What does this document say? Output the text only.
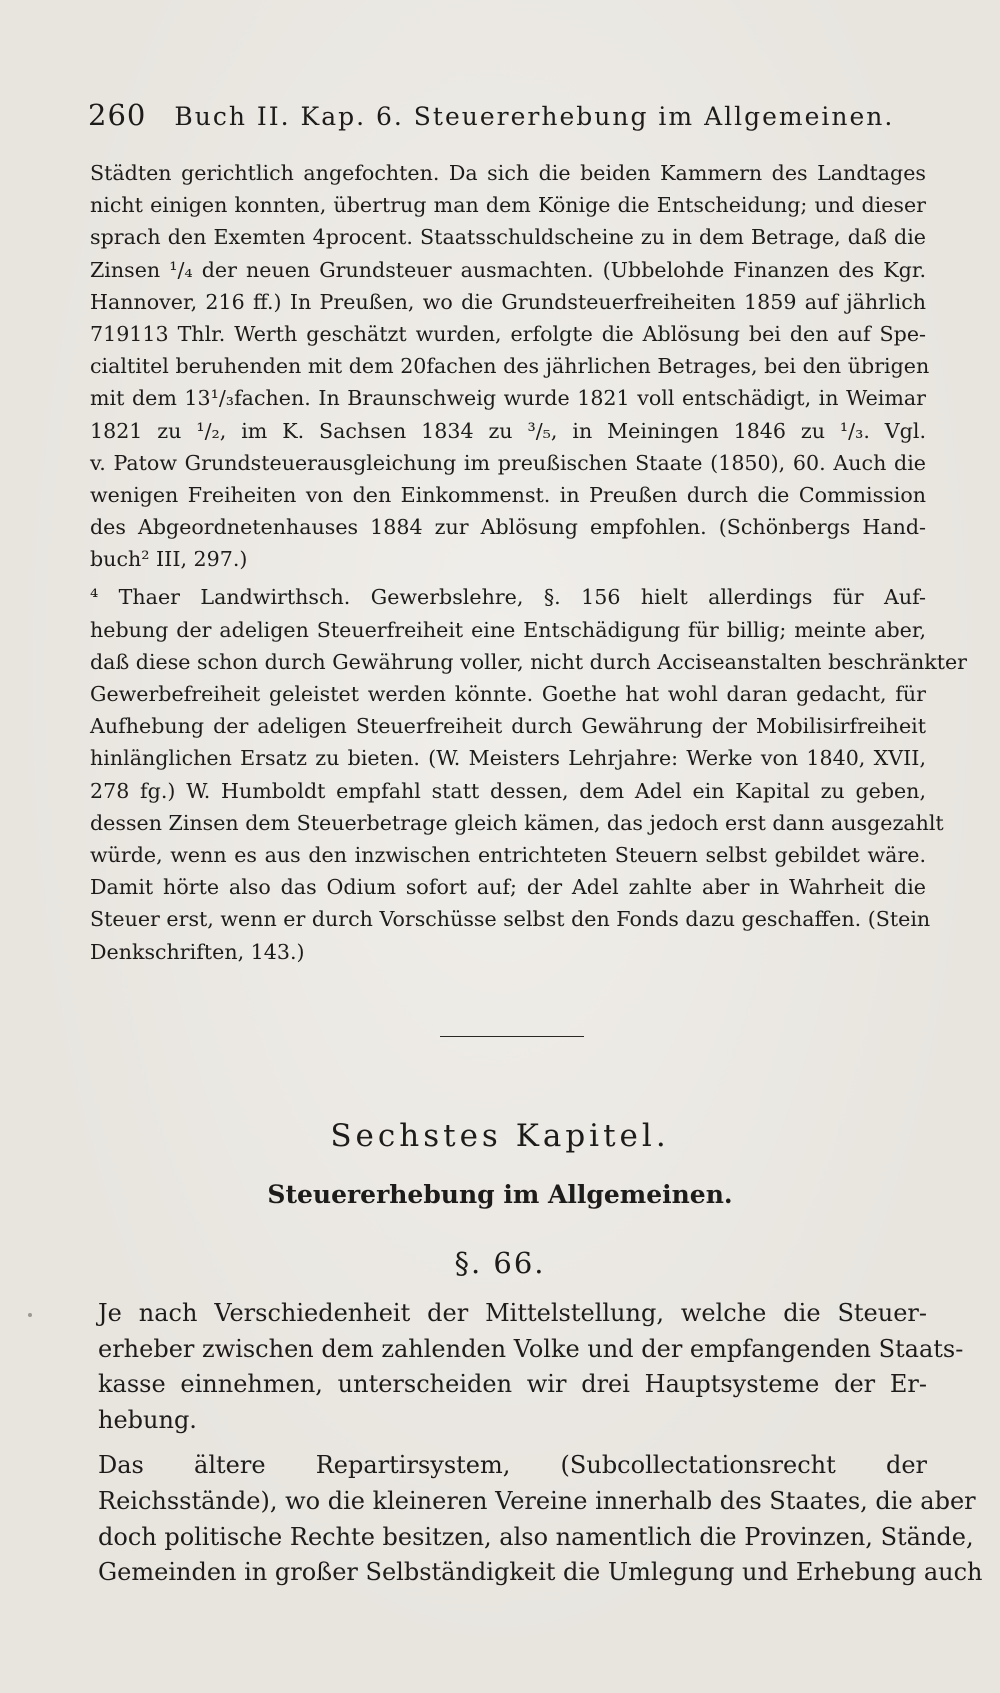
260 Buch II. Kap. 6. Steuererhebung im Allgemeinen.
Städten gerichtlich angefochten. Da sich die beiden Kammern des Landtages
nicht einigen konnten, übertrug man dem Könige die Entscheidung; und dieser
sprach den Exemten 4procent. Staatsschuldscheine zu in dem Betrage, daß die
Zinsen ¹/₄ der neuen Grundsteuer ausmachten. (Ubbelohde Finanzen des Kgr.
Hannover, 216 ff.) In Preußen, wo die Grundsteuerfreiheiten 1859 auf jährlich
719113 Thlr. Werth geschätzt wurden, erfolgte die Ablösung bei den auf Spe-
cialtitel beruhenden mit dem 20fachen des jährlichen Betrages, bei den übrigen
mit dem 13¹/₃fachen. In Braunschweig wurde 1821 voll entschädigt, in Weimar
1821 zu ¹/₂, im K. Sachsen 1834 zu ³/₅, in Meiningen 1846 zu ¹/₃. Vgl.
v. Patow Grundsteuerausgleichung im preußischen Staate (1850), 60. Auch die
wenigen Freiheiten von den Einkommenst. in Preußen durch die Commission
des Abgeordnetenhauses 1884 zur Ablösung empfohlen. (Schönbergs Hand-
buch² III, 297.)
⁴ Thaer Landwirthsch. Gewerbslehre, §. 156 hielt allerdings für Auf-
hebung der adeligen Steuerfreiheit eine Entschädigung für billig; meinte aber,
daß diese schon durch Gewährung voller, nicht durch Acciseanstalten beschränkter
Gewerbefreiheit geleistet werden könnte. Goethe hat wohl daran gedacht, für
Aufhebung der adeligen Steuerfreiheit durch Gewährung der Mobilisirfreiheit
hinlänglichen Ersatz zu bieten. (W. Meisters Lehrjahre: Werke von 1840, XVII,
278 fg.) W. Humboldt empfahl statt dessen, dem Adel ein Kapital zu geben,
dessen Zinsen dem Steuerbetrage gleich kämen, das jedoch erst dann ausgezahlt
würde, wenn es aus den inzwischen entrichteten Steuern selbst gebildet wäre.
Damit hörte also das Odium sofort auf; der Adel zahlte aber in Wahrheit die
Steuer erst, wenn er durch Vorschüsse selbst den Fonds dazu geschaffen. (Stein
Denkschriften, 143.)
Sechstes Kapitel.
Steuererhebung im Allgemeinen.
§. 66.
Je nach Verschiedenheit der Mittelstellung, welche die Steuer-
erheber zwischen dem zahlenden Volke und der empfangenden Staats-
kasse einnehmen, unterscheiden wir drei Hauptsysteme der Er-
hebung.
Das ältere Repartirsystem, (Subcollectationsrecht der
Reichsstände), wo die kleineren Vereine innerhalb des Staates, die aber
doch politische Rechte besitzen, also namentlich die Provinzen, Stände,
Gemeinden in großer Selbständigkeit die Umlegung und Erhebung auch
